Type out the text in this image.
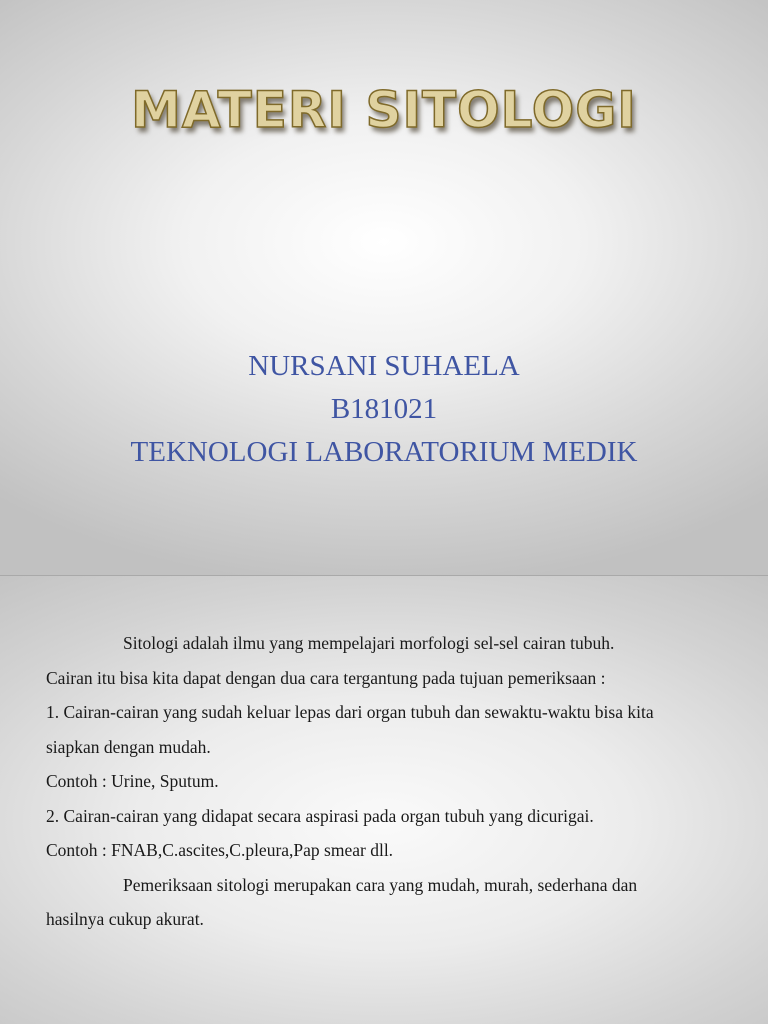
MATERI SITOLOGI
NURSANI SUHAELA
B181021
TEKNOLOGI LABORATORIUM MEDIK

Sitologi adalah ilmu yang mempelajari morfologi sel-sel cairan tubuh.

Cairan itu bisa kita dapat dengan dua cara tergantung pada tujuan pemeriksaan :

1. Cairan-cairan yang sudah keluar lepas dari organ tubuh dan sewaktu-waktu bisa kita siapkan dengan mudah.

Contoh : Urine, Sputum.

2. Cairan-cairan yang didapat secara aspirasi pada organ tubuh yang dicurigai.

Contoh : FNAB,C.ascites,C.pleura,Pap smear dll.

Pemeriksaan sitologi merupakan cara yang mudah, murah, sederhana dan hasilnya cukup akurat.
